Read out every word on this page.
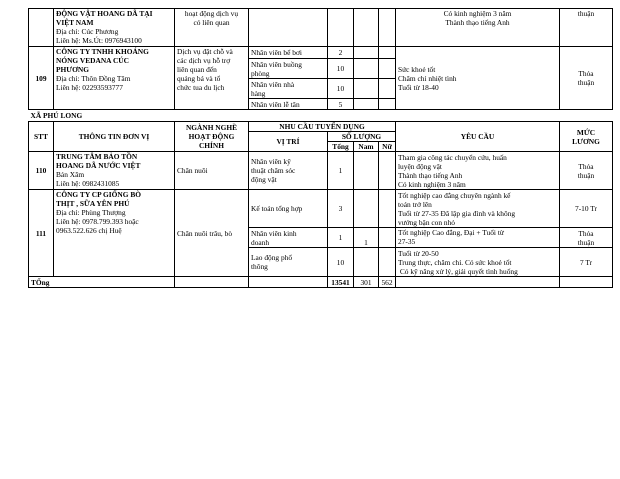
	ĐỘNG VẬT HOANG DÃ TẠI
VIỆT NAM
Địa chỉ: Cúc Phương
Liên hệ: Ms.Út: 0976943100	hoạt động dịch vụ
có liên quan					Có kinh nghiệm 3 năm
Thành thạo tiếng Anh	thuận
109	CÔNG TY TNHH KHOÁNG
NÓNG VEDANA CÚC
PHƯƠNG
Địa chỉ: Thôn Đồng Tâm
Liên hệ: 02293593777	Dịch vụ đặt chỗ và
các dịch vụ hỗ trợ
liên quan đến
quảng bá và tổ
chức tua du lịch	Nhân viên bể bơi	2			Sức khoẻ tốt
Chăm chỉ nhiệt tình
Tuổi từ 18-40	Thỏa
thuận

			Nhân viên buồng
phòng	10				

			Nhân viên nhà
hàng	10				

			Nhân viên lễ tân	5				
XÃ PHÚ LONG								
STT	THÔNG TIN ĐƠN VỊ	NGÀNH NGHỀ
HOẠT ĐỘNG
CHÍNH	NHU CẦU TUYỂN DỤNG				YÊU CẦU	MỨC
LƯƠNG

			VỊ TRÍ	SỐ LƯỢNG				
				Tổng	Nam	Nữ		
110	TRUNG TÂM BẢO TỒN
HOANG DÃ NƯỚC VIỆT
Bản Xăm
Liên hệ: 0982431085	Chăn nuôi	Nhân viên kỹ
thuật chăm sóc
động vật	1			Tham gia công tác chuyển cứu, huấn
luyện động vật
Thành thạo tiếng Anh
Có kinh nghiệm 3 năm	Thỏa
thuận

111	CÔNG TY CP GIỐNG BÒ
THỊT , SỮA YÊN PHÚ
Địa chỉ: Phùng Thượng
Liên hệ: 0978.799.393 hoặc
0963.522.626 chị Huệ	Chăn nuôi trâu, bò	Kế toán tổng hợp	3			Tốt nghiệp cao đẳng chuyên ngành kế
toán trở lên
Tuổi từ 27-35 Đã lập gia đình và không
vướng bận con nhỏ	7-10 Tr

			Nhân viên kinh
doanh	1	1		Tốt nghiệp Cao đẳng, Đại + Tuổi từ
27-35	Thỏa
thuận

			Lao động phổ
thông	10			Tuổi từ 20-50
Trung thực, chăm chỉ. Có sức khoẻ tốt
Có kỹ năng xử lý, giải quyết tình huống	7 Tr
TỔng				13541	301	562		
